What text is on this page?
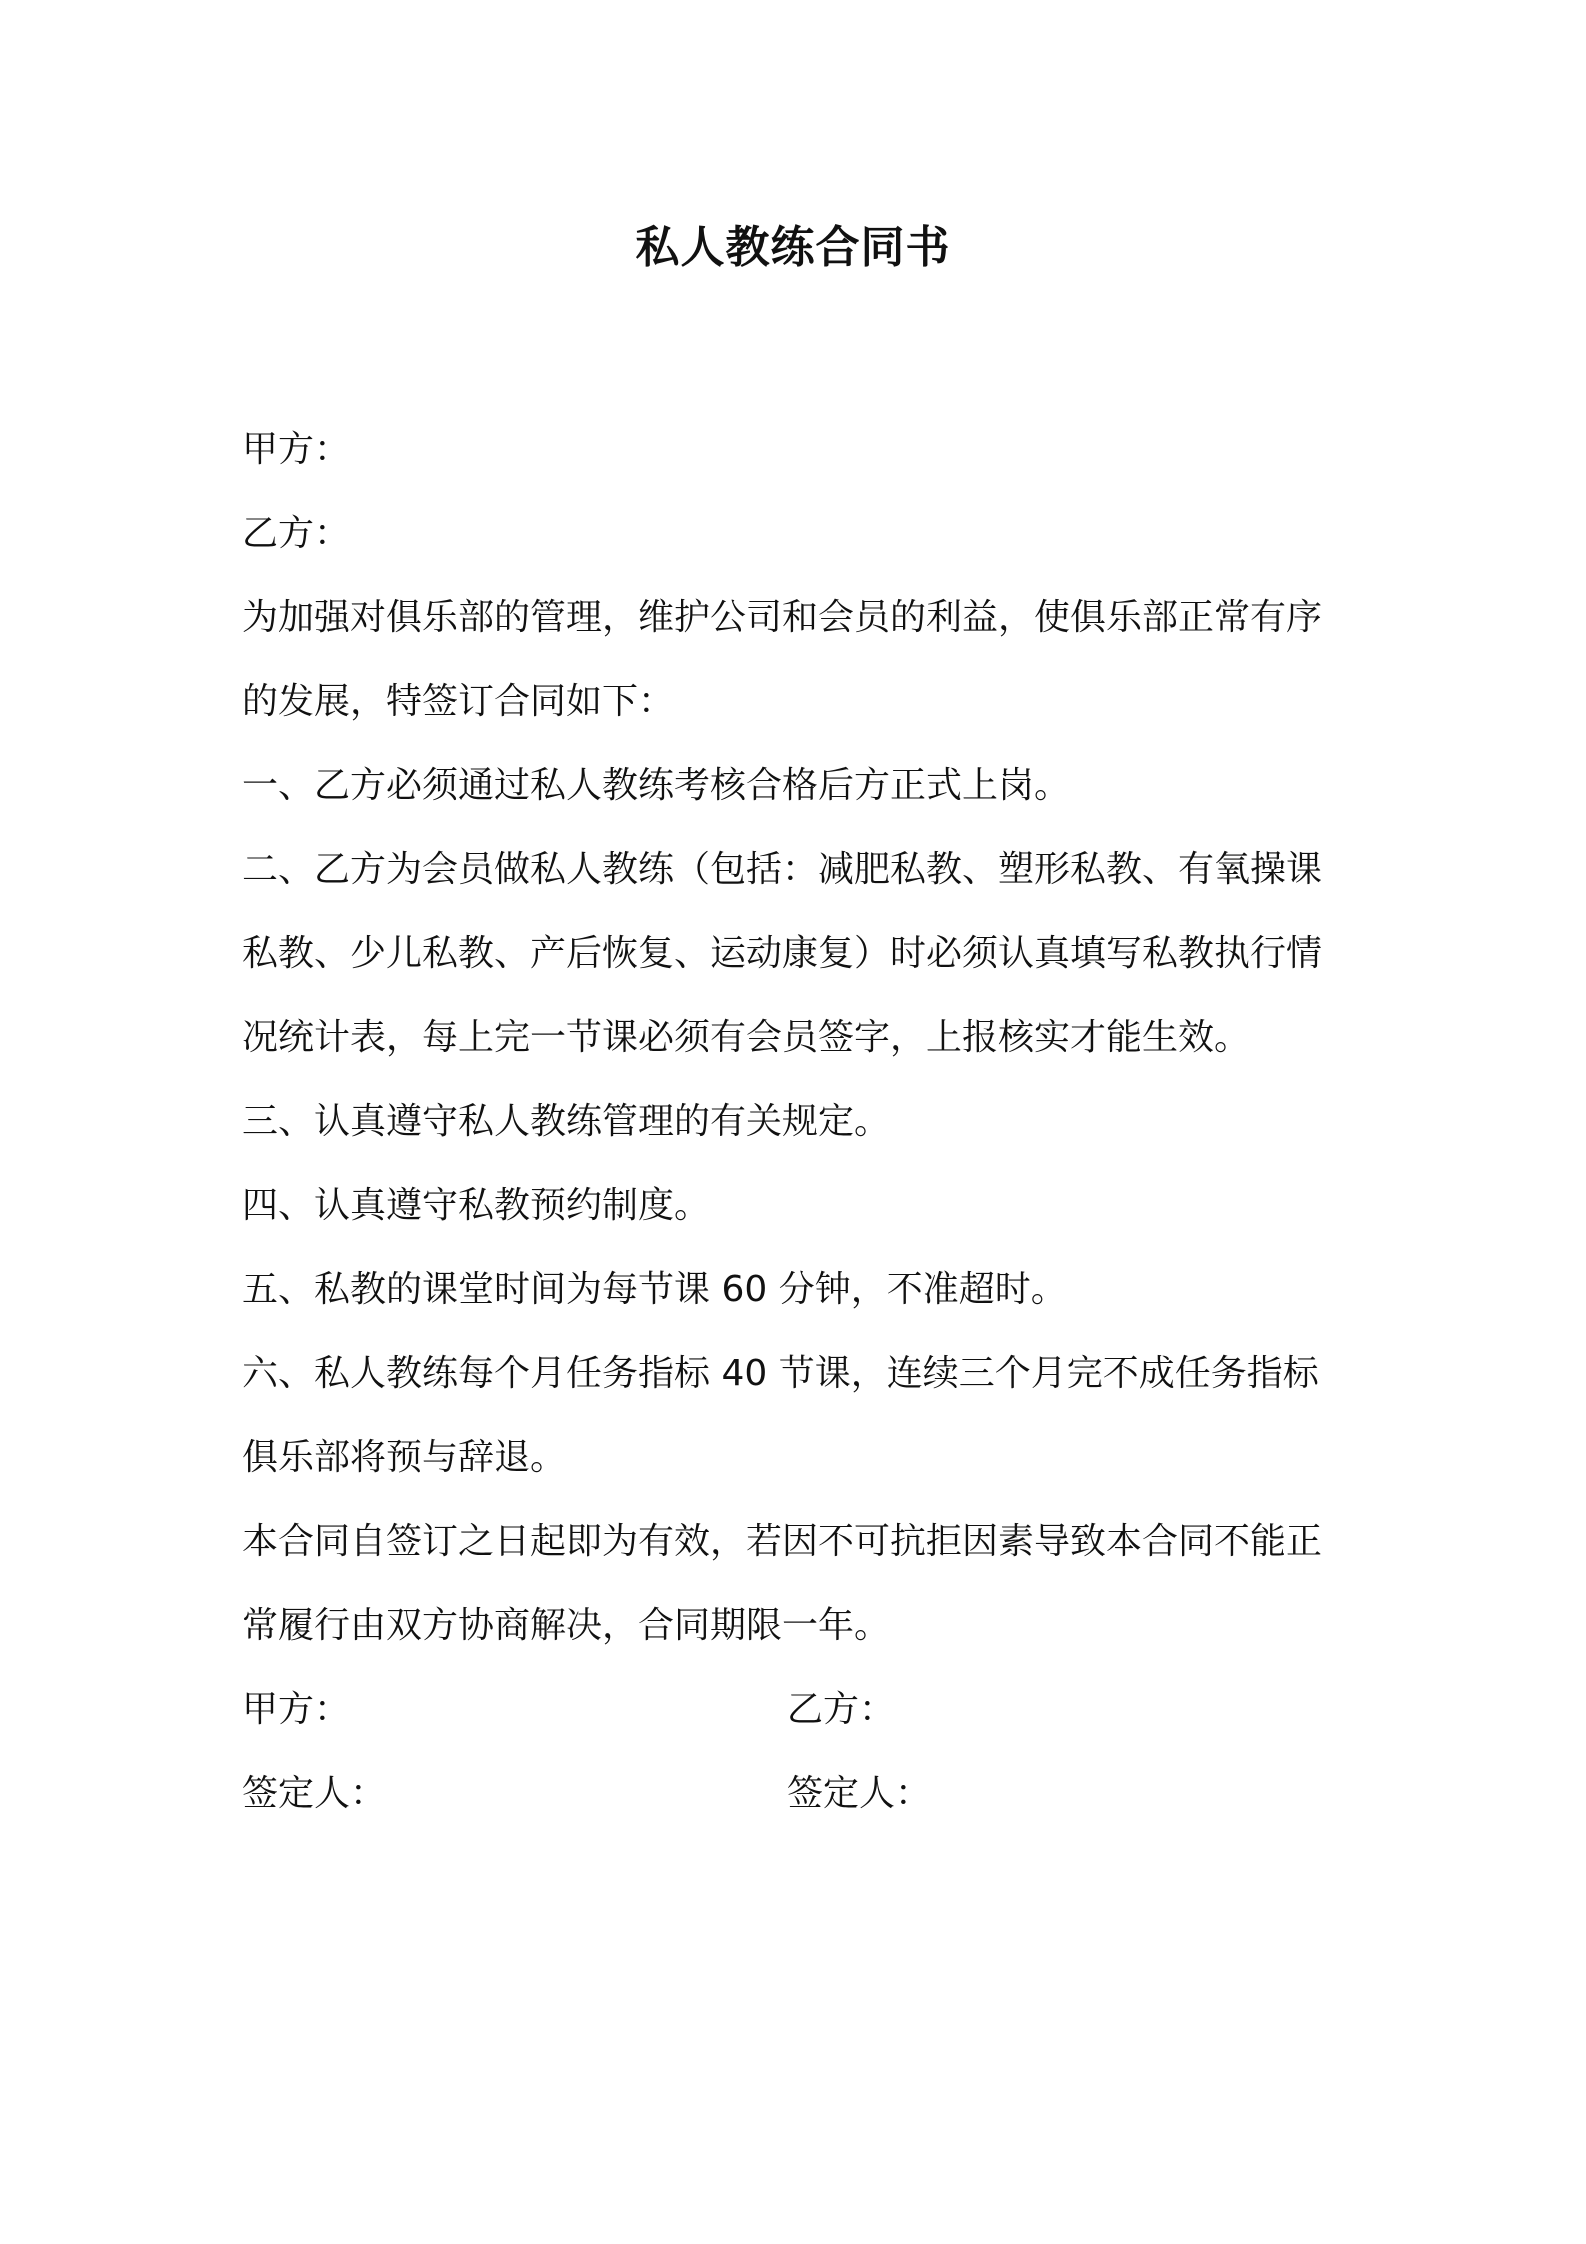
私人教练合同书
甲方：
乙方：
为加强对俱乐部的管理，维护公司和会员的利益，使俱乐部正常有序
的发展，特签订合同如下：
一、乙方必须通过私人教练考核合格后方正式上岗。
二、乙方为会员做私人教练（包括：减肥私教、塑形私教、有氧操课
私教、少儿私教、产后恢复、运动康复）时必须认真填写私教执行情
况统计表，每上完一节课必须有会员签字，上报核实才能生效。
三、认真遵守私人教练管理的有关规定。
四、认真遵守私教预约制度。
五、私教的课堂时间为每节课 60 分钟，不准超时。
六、私人教练每个月任务指标 40 节课，连续三个月完不成任务指标
俱乐部将预与辞退。
本合同自签订之日起即为有效，若因不可抗拒因素导致本合同不能正
常履行由双方协商解决，合同期限一年。
甲方：	乙方：
签定人：	签定人：
